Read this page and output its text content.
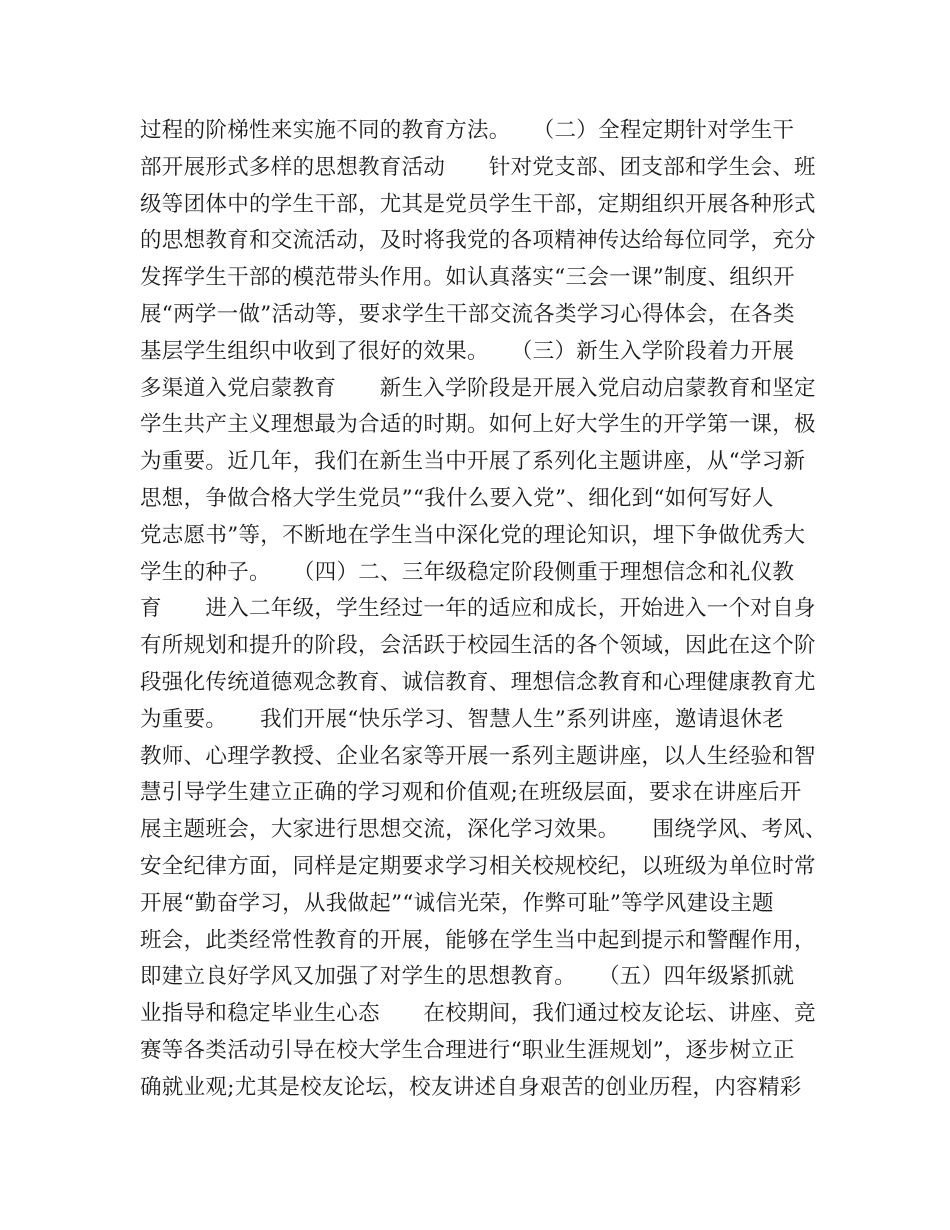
过程的阶梯性来实施不同的教育方法。　　（二）全程定期针对学生干
部开展形式多样的思想教育活动　　针对党支部、团支部和学生会、班
级等团体中的学生干部，尤其是党员学生干部，定期组织开展各种形式
的思想教育和交流活动，及时将我党的各项精神传达给每位同学，充分
发挥学生干部的模范带头作用。如认真落实“三会一课”制度、组织开
展“两学一做”活动等，要求学生干部交流各类学习心得体会，在各类
基层学生组织中收到了很好的效果。　　（三）新生入学阶段着力开展
多渠道入党启蒙教育　　新生入学阶段是开展入党启动启蒙教育和坚定
学生共产主义理想最为合适的时期。如何上好大学生的开学第一课，极
为重要。近几年，我们在新生当中开展了系列化主题讲座，从“学习新
思想，争做合格大学生党员”“我什么要入党”、细化到“如何写好人
党志愿书”等，不断地在学生当中深化党的理论知识，埋下争做优秀大
学生的种子。　　（四）二、三年级稳定阶段侧重于理想信念和礼仪教
育　　进入二年级，学生经过一年的适应和成长，开始进入一个对自身
有所规划和提升的阶段，会活跃于校园生活的各个领域，因此在这个阶
段强化传统道德观念教育、诚信教育、理想信念教育和心理健康教育尤
为重要。　　我们开展“快乐学习、智慧人生”系列讲座，邀请退休老
教师、心理学教授、企业名家等开展一系列主题讲座，以人生经验和智
慧引导学生建立正确的学习观和价值观;在班级层面，要求在讲座后开
展主题班会，大家进行思想交流，深化学习效果。　　围绕学风、考风、
安全纪律方面，同样是定期要求学习相关校规校纪，以班级为单位时常
开展“勤奋学习，从我做起”“诚信光荣，作弊可耻”等学风建设主题
班会，此类经常性教育的开展，能够在学生当中起到提示和警醒作用，
即建立良好学风又加强了对学生的思想教育。　　（五）四年级紧抓就
业指导和稳定毕业生心态　　在校期间，我们通过校友论坛、讲座、竞
赛等各类活动引导在校大学生合理进行“职业生涯规划”，逐步树立正
确就业观;尤其是校友论坛，校友讲述自身艰苦的创业历程，内容精彩
